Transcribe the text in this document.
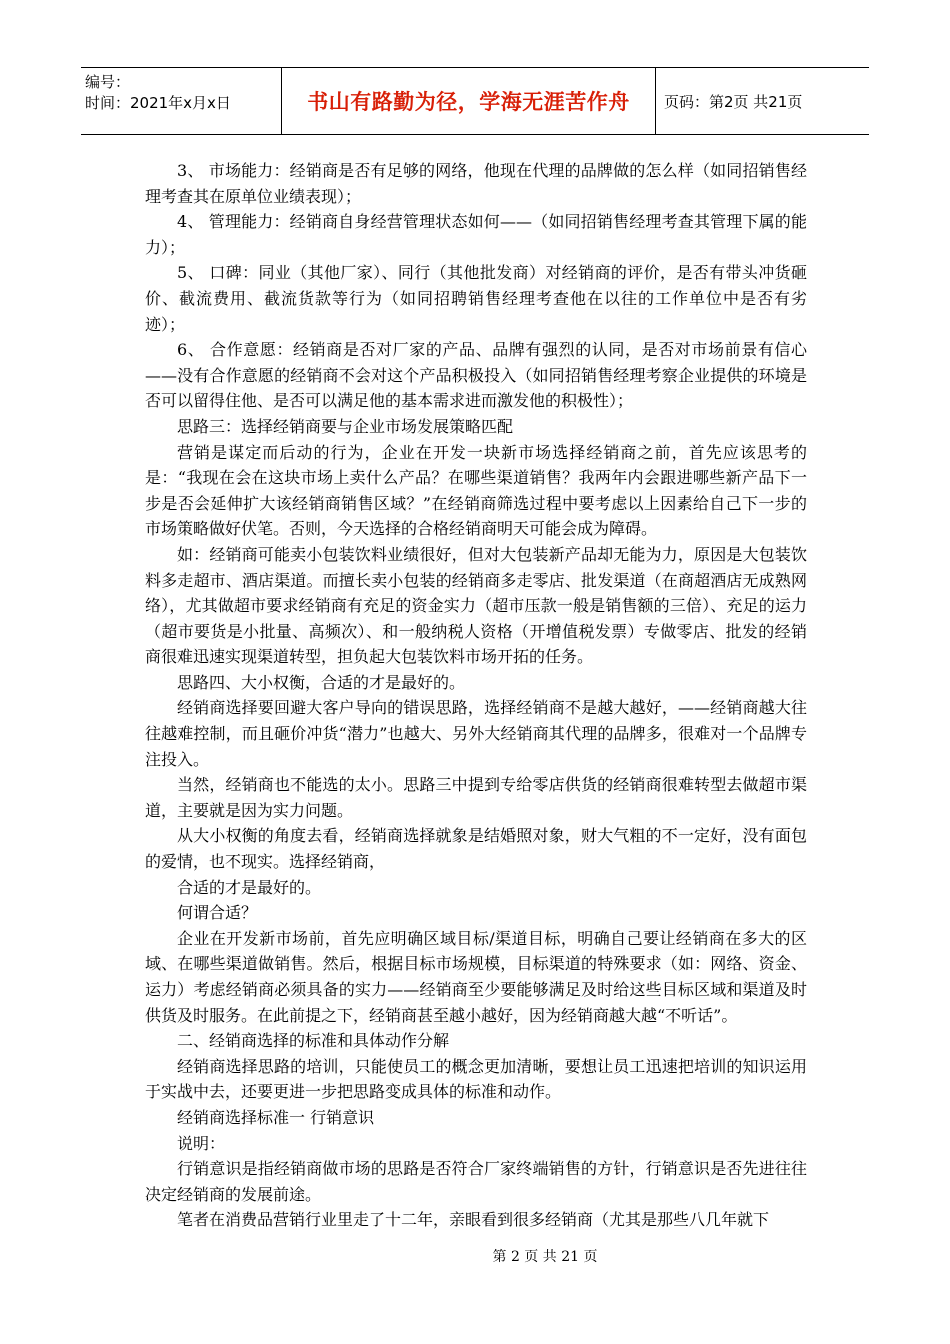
编号：
时间：2021年x月x日	书山有路勤为径，学海无涯苦作舟 页码：第2页 共21页

3、 市场能力：经销商是否有足够的网络，他现在代理的品牌做的怎么样（如同招销售经理考查其在原单位业绩表现）；

4、 管理能力：经销商自身经营管理状态如何——（如同招销售经理考查其管理下属的能力）；

5、 口碑：同业（其他厂家）、同行（其他批发商）对经销商的评价，是否有带头冲货砸价、截流费用、截流货款等行为（如同招聘销售经理考查他在以往的工作单位中是否有劣迹）；

6、 合作意愿：经销商是否对厂家的产品、品牌有强烈的认同，是否对市场前景有信心——没有合作意愿的经销商不会对这个产品积极投入（如同招销售经理考察企业提供的环境是否可以留得住他、是否可以满足他的基本需求进而激发他的积极性）；

思路三：选择经销商要与企业市场发展策略匹配

营销是谋定而后动的行为，企业在开发一块新市场选择经销商之前，首先应该思考的是：“我现在会在这块市场上卖什么产品？在哪些渠道销售？我两年内会跟进哪些新产品下一步是否会延伸扩大该经销商销售区域？”在经销商筛选过程中要考虑以上因素给自己下一步的市场策略做好伏笔。否则，今天选择的合格经销商明天可能会成为障碍。

如：经销商可能卖小包装饮料业绩很好，但对大包装新产品却无能为力，原因是大包装饮料多走超市、酒店渠道。而擅长卖小包装的经销商多走零店、批发渠道（在商超酒店无成熟网络），尤其做超市要求经销商有充足的资金实力（超市压款一般是销售额的三倍）、充足的运力（超市要货是小批量、高频次）、和一般纳税人资格（开增值税发票）专做零店、批发的经销商很难迅速实现渠道转型，担负起大包装饮料市场开拓的任务。

思路四、大小权衡，合适的才是最好的。

经销商选择要回避大客户导向的错误思路，选择经销商不是越大越好，——经销商越大往往越难控制，而且砸价冲货“潜力”也越大、另外大经销商其代理的品牌多，很难对一个品牌专注投入。

当然，经销商也不能选的太小。思路三中提到专给零店供货的经销商很难转型去做超市渠道，主要就是因为实力问题。

从大小权衡的角度去看，经销商选择就象是结婚照对象，财大气粗的不一定好，没有面包的爱情，也不现实。选择经销商，

合适的才是最好的。

何谓合适？

企业在开发新市场前，首先应明确区域目标/渠道目标，明确自己要让经销商在多大的区域、在哪些渠道做销售。然后，根据目标市场规模，目标渠道的特殊要求（如：网络、资金、运力）考虑经销商必须具备的实力——经销商至少要能够满足及时给这些目标区域和渠道及时供货及时服务。在此前提之下，经销商甚至越小越好，因为经销商越大越“不听话”。

二、经销商选择的标准和具体动作分解

经销商选择思路的培训，只能使员工的概念更加清晰，要想让员工迅速把培训的知识运用于实战中去，还要更进一步把思路变成具体的标准和动作。

经销商选择标准一 行销意识

说明：

行销意识是指经销商做市场的思路是否符合厂家终端销售的方针，行销意识是否先进往往决定经销商的发展前途。

笔者在消费品营销行业里走了十二年，亲眼看到很多经销商（尤其是那些八几年就下

第 2 页 共 21 页
